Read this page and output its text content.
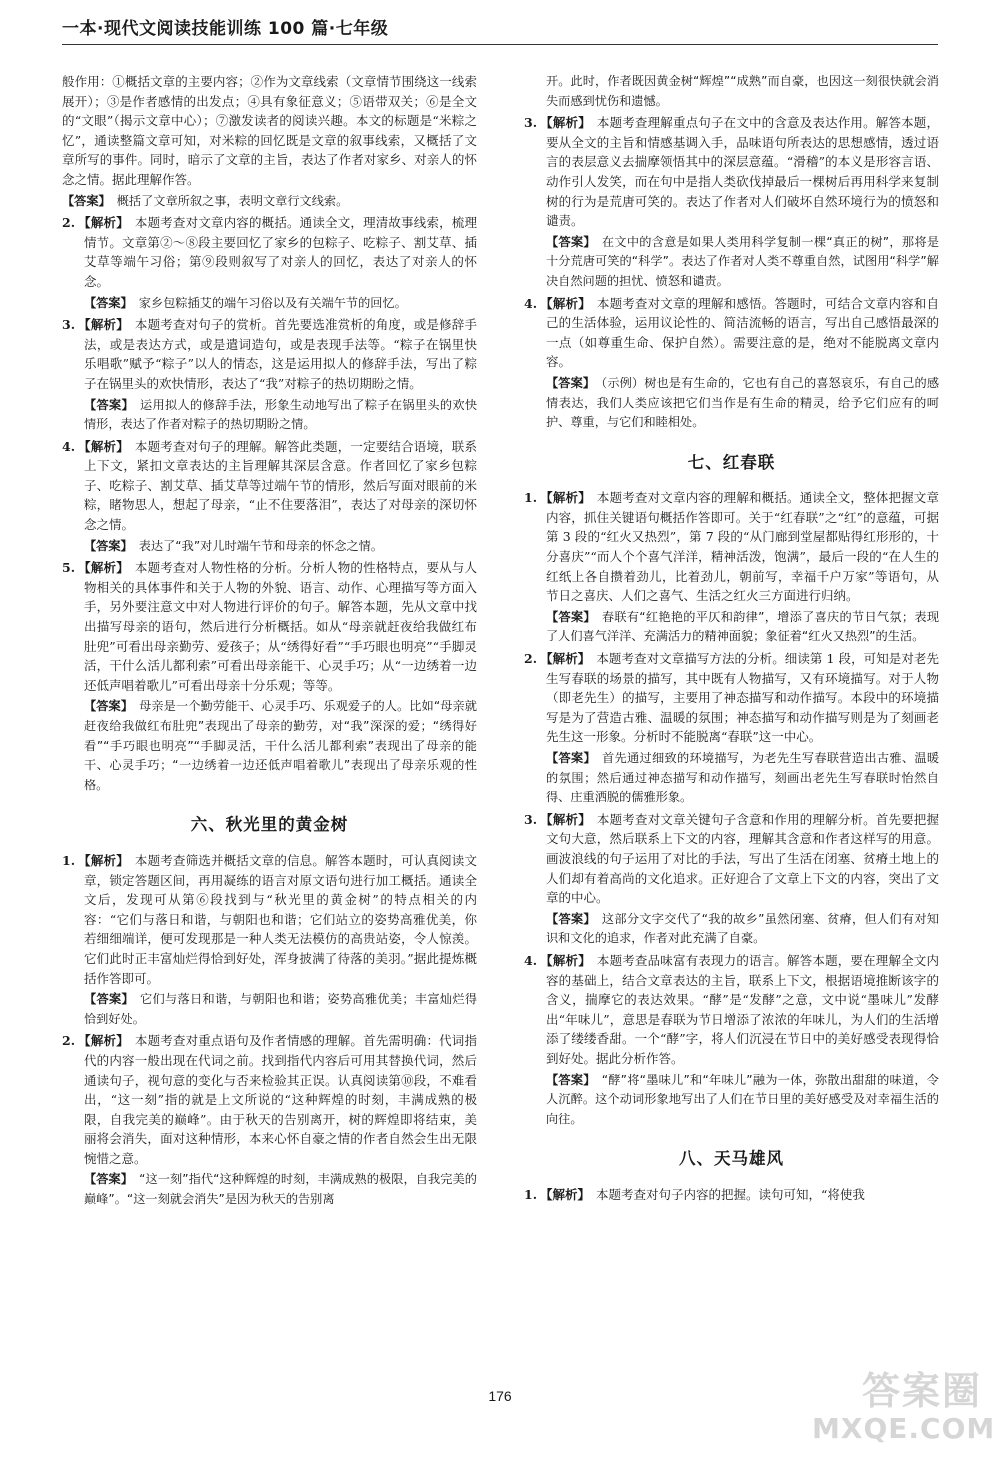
一本·现代文阅读技能训练 100 篇·七年级

般作用：①概括文章的主要内容；②作为文章线索（文章情节围绕这一线索展开）；③是作者感情的出发点；④具有象征意义；⑤语带双关；⑥是全文的“文眼”（揭示文章中心）；⑦激发读者的阅读兴趣。本文的标题是“米粽之忆”，通读整篇文章可知，对米粽的回忆既是文章的叙事线索，又概括了文章所写的事件。同时，暗示了文章的主旨，表达了作者对家乡、对亲人的怀念之情。据此理解作答。

【答案】 概括了文章所叙之事，表明文章行文线索。

2. 【解析】 本题考查对文章内容的概括。通读全文，理清故事线索，梳理情节。文章第②～⑧段主要回忆了家乡的包粽子、吃粽子、割艾草、插艾草等端午习俗；第⑨段则叙写了对亲人的回忆，表达了对亲人的怀念。

【答案】 家乡包粽插艾的端午习俗以及有关端午节的回忆。

3. 【解析】 本题考查对句子的赏析。首先要选准赏析的角度，或是修辞手法，或是表达方式，或是遣词造句，或是表现手法等。“粽子在锅里快乐唱歌”赋予“粽子”以人的情态，这是运用拟人的修辞手法，写出了粽子在锅里头的欢快情形，表达了“我”对粽子的热切期盼之情。

【答案】 运用拟人的修辞手法，形象生动地写出了粽子在锅里头的欢快情形，表达了作者对粽子的热切期盼之情。

4. 【解析】 本题考查对句子的理解。解答此类题，一定要结合语境，联系上下文，紧扣文章表达的主旨理解其深层含意。作者回忆了家乡包粽子、吃粽子、割艾草、插艾草等过端午节的情形，然后写面对眼前的米粽，睹物思人，想起了母亲，“止不住要落泪”，表达了对母亲的深切怀念之情。

【答案】 表达了“我”对儿时端午节和母亲的怀念之情。

5. 【解析】 本题考查对人物性格的分析。分析人物的性格特点，要从与人物相关的具体事件和关于人物的外貌、语言、动作、心理描写等方面入手，另外要注意文中对人物进行评价的句子。解答本题，先从文章中找出描写母亲的语句，然后进行分析概括。如从“母亲就赶夜给我做红布肚兜”可看出母亲勤劳、爱孩子；从“绣得好看”“手巧眼也明亮”“手脚灵活，干什么活儿都利索”可看出母亲能干、心灵手巧；从“一边绣着一边还低声唱着歌儿”可看出母亲十分乐观；等等。

【答案】 母亲是一个勤劳能干、心灵手巧、乐观爱子的人。比如“母亲就赶夜给我做红布肚兜”表现出了母亲的勤劳，对“我”深深的爱；“绣得好看”“手巧眼也明亮”“手脚灵活，干什么活儿都利索”表现出了母亲的能干、心灵手巧；“一边绣着一边还低声唱着歌儿”表现出了母亲乐观的性格。

六、秋光里的黄金树

1. 【解析】 本题考查筛选并概括文章的信息。解答本题时，可认真阅读文章，锁定答题区间，再用凝练的语言对原文语句进行加工概括。通读全文后，发现可从第⑥段找到与“秋光里的黄金树”的特点相关的内容：“它们与落日和谐，与朝阳也和谐；它们站立的姿势高雅优美，你若细细端详，便可发现那是一种人类无法模仿的高贵站姿，令人惊羡。它们此时正丰富灿烂得恰到好处，浑身披满了待落的美羽。”据此提炼概括作答即可。

【答案】 它们与落日和谐，与朝阳也和谐；姿势高雅优美；丰富灿烂得恰到好处。

2. 【解析】 本题考查对重点语句及作者情感的理解。首先需明确：代词指代的内容一般出现在代词之前。找到指代内容后可用其替换代词，然后通读句子，视句意的变化与否来检验其正误。认真阅读第⑩段，不难看出，“这一刻”指的就是上文所说的“这种辉煌的时刻，丰满成熟的极限，自我完美的巅峰”。由于秋天的告别离开，树的辉煌即将结束，美丽将会消失，面对这种情形，本来心怀自豪之情的作者自然会生出无限惋惜之意。

【答案】 “这一刻”指代“这种辉煌的时刻，丰满成熟的极限，自我完美的巅峰”。“这一刻就会消失”是因为秋天的告别离

开。此时，作者既因黄金树“辉煌”“成熟”而自豪，也因这一刻很快就会消失而感到忧伤和遗憾。

3. 【解析】 本题考查理解重点句子在文中的含意及表达作用。解答本题，要从全文的主旨和情感基调入手，品味语句所表达的思想感情，透过语言的表层意义去揣摩领悟其中的深层意蕴。“滑稽”的本义是形容言语、动作引人发笑，而在句中是指人类砍伐掉最后一棵树后再用科学来复制树的行为是荒唐可笑的。表达了作者对人们破坏自然环境行为的愤怒和谴责。

【答案】 在文中的含意是如果人类用科学复制一棵“真正的树”，那将是十分荒唐可笑的“科学”。表达了作者对人类不尊重自然，试图用“科学”解决自然问题的担忧、愤怒和谴责。

4. 【解析】 本题考查对文章的理解和感悟。答题时，可结合文章内容和自己的生活体验，运用议论性的、简洁流畅的语言，写出自己感悟最深的一点（如尊重生命、保护自然）。需要注意的是，绝对不能脱离文章内容。

【答案】 （示例）树也是有生命的，它也有自己的喜怒哀乐，有自己的感情表达，我们人类应该把它们当作是有生命的精灵，给予它们应有的呵护、尊重，与它们和睦相处。

七、红春联

1. 【解析】 本题考查对文章内容的理解和概括。通读全文，整体把握文章内容，抓住关键语句概括作答即可。关于“红春联”之“红”的意蕴，可据第 3 段的“红火又热烈”，第 7 段的“从门廊到堂屋都贴得红形形的，十分喜庆”“而人个个喜气洋洋，精神活泼，饱满”，最后一段的“在人生的红纸上各自攒着劲儿，比着劲儿，朝前写，幸福千户万家”等语句，从节日之喜庆、人们之喜气、生活之红火三方面进行归纳。

【答案】 春联有“红艳艳的平仄和韵律”，增添了喜庆的节日气氛；表现了人们喜气洋洋、充满活力的精神面貌；象征着“红火又热烈”的生活。

2. 【解析】 本题考查对文章描写方法的分析。细读第 1 段，可知是对老先生写春联的场景的描写，其中既有人物描写，又有环境描写。对于人物（即老先生）的描写，主要用了神态描写和动作描写。本段中的环境描写是为了营造古雅、温暖的氛围；神态描写和动作描写则是为了刻画老先生这一形象。分析时不能脱离“春联”这一中心。

【答案】 首先通过细致的环境描写，为老先生写春联营造出古雅、温暖的氛围；然后通过神态描写和动作描写，刻画出老先生写春联时怡然自得、庄重洒脱的儒雅形象。

3. 【解析】 本题考查对文章关键句子含意和作用的理解分析。首先要把握文句大意，然后联系上下文的内容，理解其含意和作者这样写的用意。画波浪线的句子运用了对比的手法，写出了生活在闭塞、贫瘠土地上的人们却有着高尚的文化追求。正好迎合了文章上下文的内容，突出了文章的中心。

【答案】 这部分文字交代了“我的故乡”虽然闭塞、贫瘠，但人们有对知识和文化的追求，作者对此充满了自豪。

4. 【解析】 本题考查品味富有表现力的语言。解答本题，要在理解全文内容的基础上，结合文章表达的主旨，联系上下文，根据语境推断该字的含义，揣摩它的表达效果。“酵”是“发酵”之意，文中说“墨味儿”发酵出“年味儿”，意思是春联为节日增添了浓浓的年味儿，为人们的生活增添了缕缕香甜。一个“酵”字，将人们沉浸在节日中的美好感受表现得恰到好处。据此分析作答。

【答案】 “酵”将“墨味儿”和“年味儿”融为一体，弥散出甜甜的味道，令人沉醉。这个动词形象地写出了人们在节日里的美好感受及对幸福生活的向往。

八、天马雄风

1. 【解析】 本题考查对句子内容的把握。读句可知，“将使我

176	答案圈
MXQE.COM
